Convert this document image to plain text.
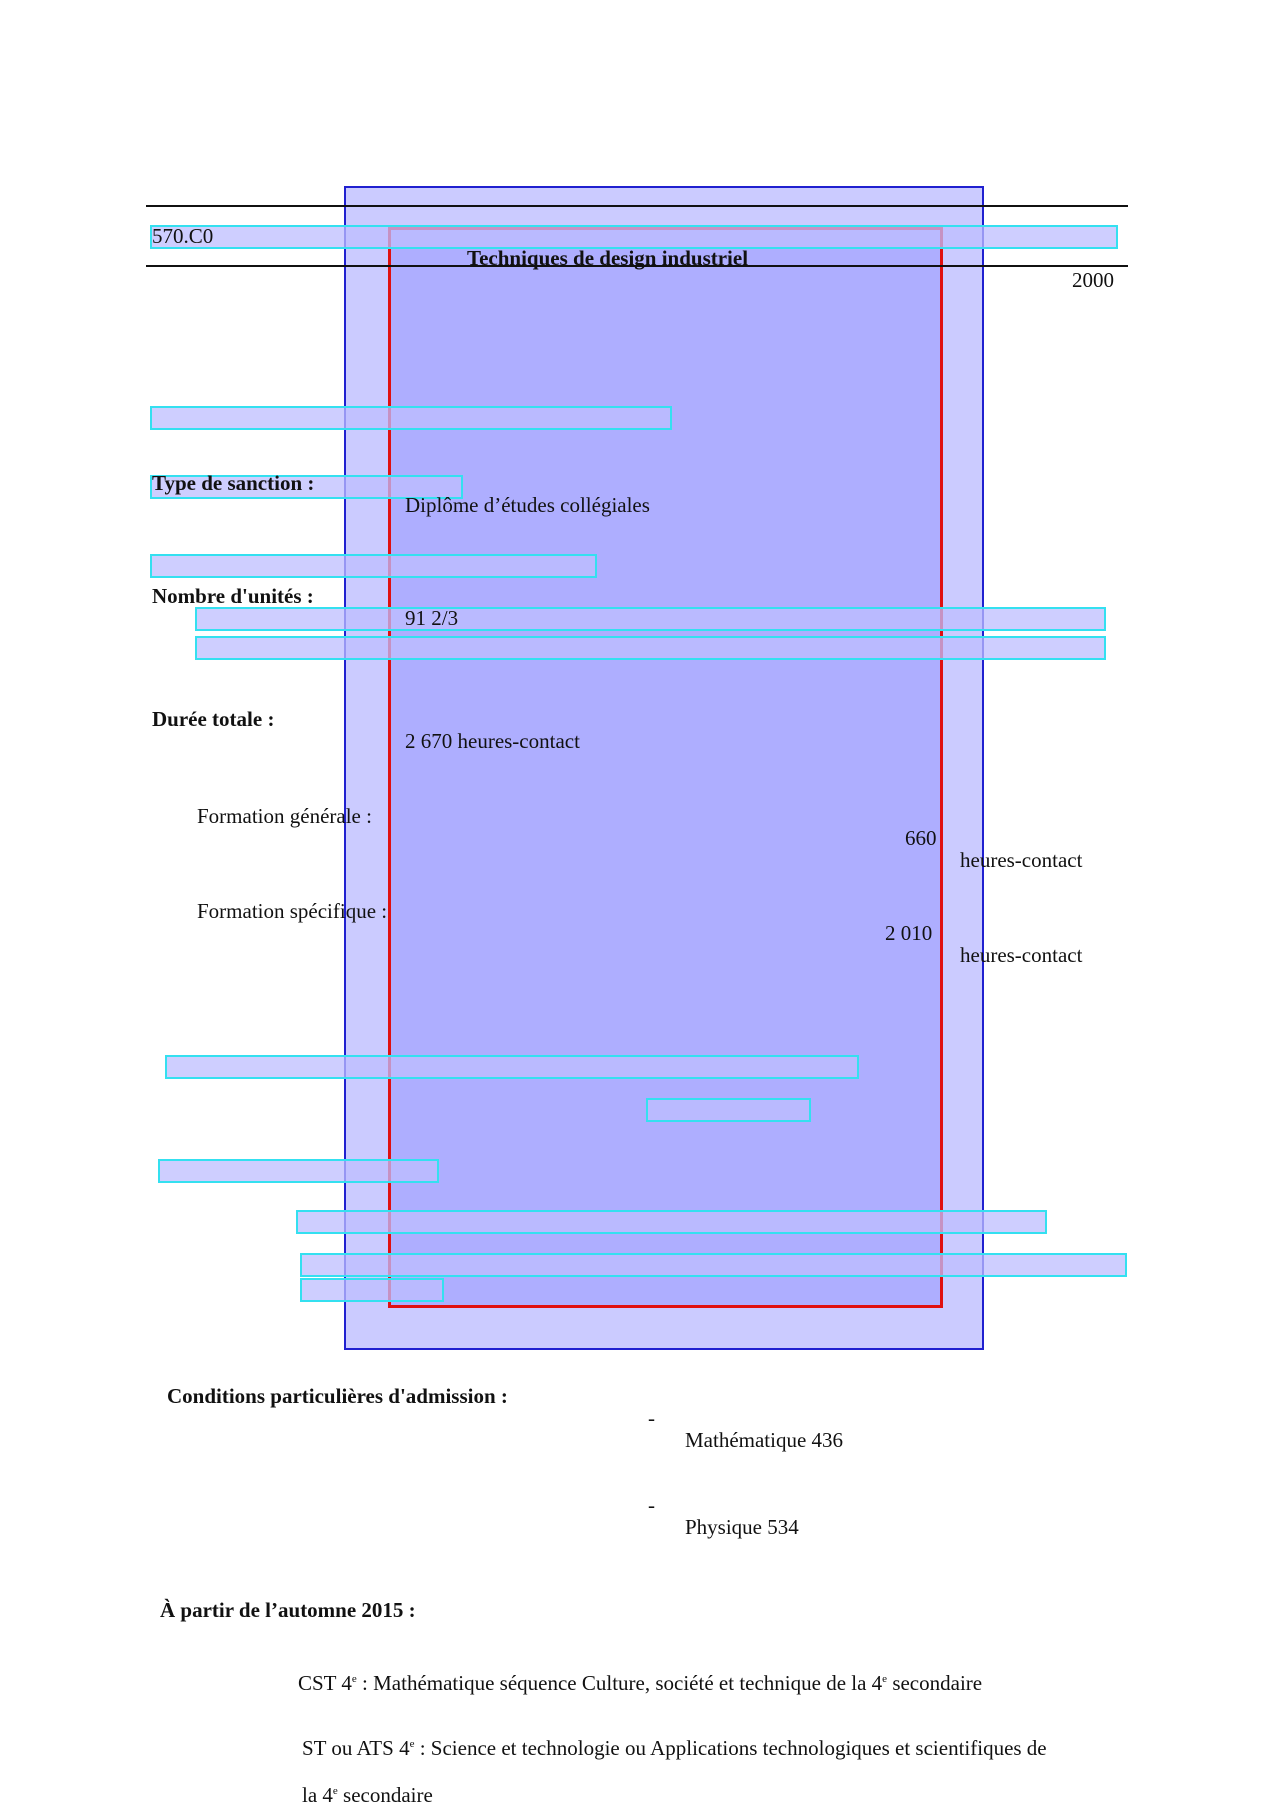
570.C0
Techniques de design industriel
2000
Type de sanction :
Diplôme d’études collégiales
Nombre d'unités :
91 2/3
Durée totale :
2 670 heures-contact
Formation générale :
660
heures-contact
Formation spécifique :
2 010
heures-contact
Conditions particulières d'admission :
-
Mathématique 436
-
Physique 534
À partir de l’automne 2015 :
CST 4e : Mathématique séquence Culture, société et technique de la 4e secondaire
ST ou ATS 4e : Science et technologie ou Applications technologiques et scientifiques de
la 4e secondaire
